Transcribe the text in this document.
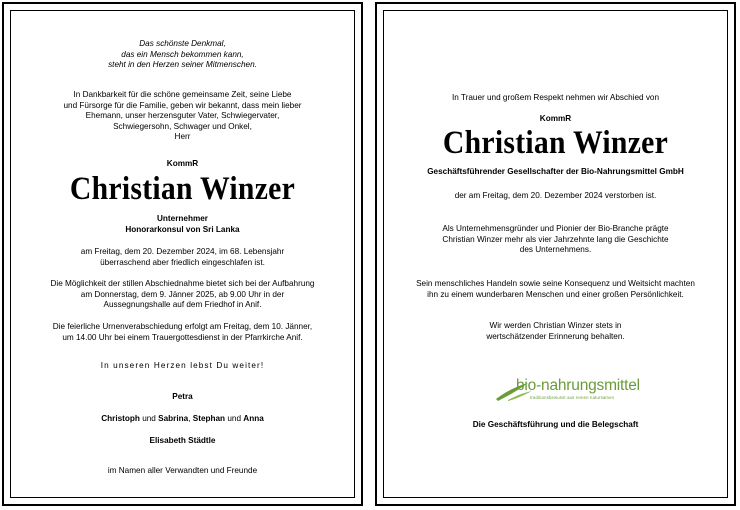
Das schönste Denkmal,

das ein Mensch bekommen kann,

steht in den Herzen seiner Mitmenschen.

In Dankbarkeit für die schöne gemeinsame Zeit, seine Liebe

und Fürsorge für die Familie, geben wir bekannt, dass mein lieber

Ehemann, unser herzensguter Vater, Schwiegervater,

Schwiegersohn, Schwager und Onkel,

Herr

KommR
Christian Winzer

Unternehmer

Honorarkonsul von Sri Lanka

am Freitag, dem 20. Dezember 2024, im 68. Lebensjahr

überraschend aber friedlich eingeschlafen ist.

Die Möglichkeit der stillen Abschiednahme bietet sich bei der Aufbahrung

am Donnerstag, dem 9. Jänner 2025, ab 9.00 Uhr in der

Aussegnungshalle auf dem Friedhof in Anif.

Die feierliche Urnenverabschiedung erfolgt am Freitag, dem 10. Jänner,

um 14.00 Uhr bei einem Trauergottesdienst in der Pfarrkirche Anif.

In unseren Herzen lebst Du weiter!
Petra
Christoph und Sabrina, Stephan und Anna
Elisabeth Städtle
im Namen aller Verwandten und Freunde
In Trauer und großem Respekt nehmen wir Abschied von
KommR
Christian Winzer
Geschäftsführender Gesellschafter der Bio-Nahrungsmittel GmbH
der am Freitag, dem 20. Dezember 2024 verstorben ist.

Als Unternehmensgründer und Pionier der Bio-Branche prägte

Christian Winzer mehr als vier Jahrzehnte lang die Geschichte

des Unternehmens.

Sein menschliches Handeln sowie seine Konsequenz und Weitsicht machten

ihn zu einem wunderbaren Menschen und einer großen Persönlichkeit.

Wir werden Christian Winzer stets in

wertschätzender Erinnerung behalten.

bio-nahrungsmittel
traditionsbewusst aus reinen natursamen
Die Geschäftsführung und die Belegschaft
